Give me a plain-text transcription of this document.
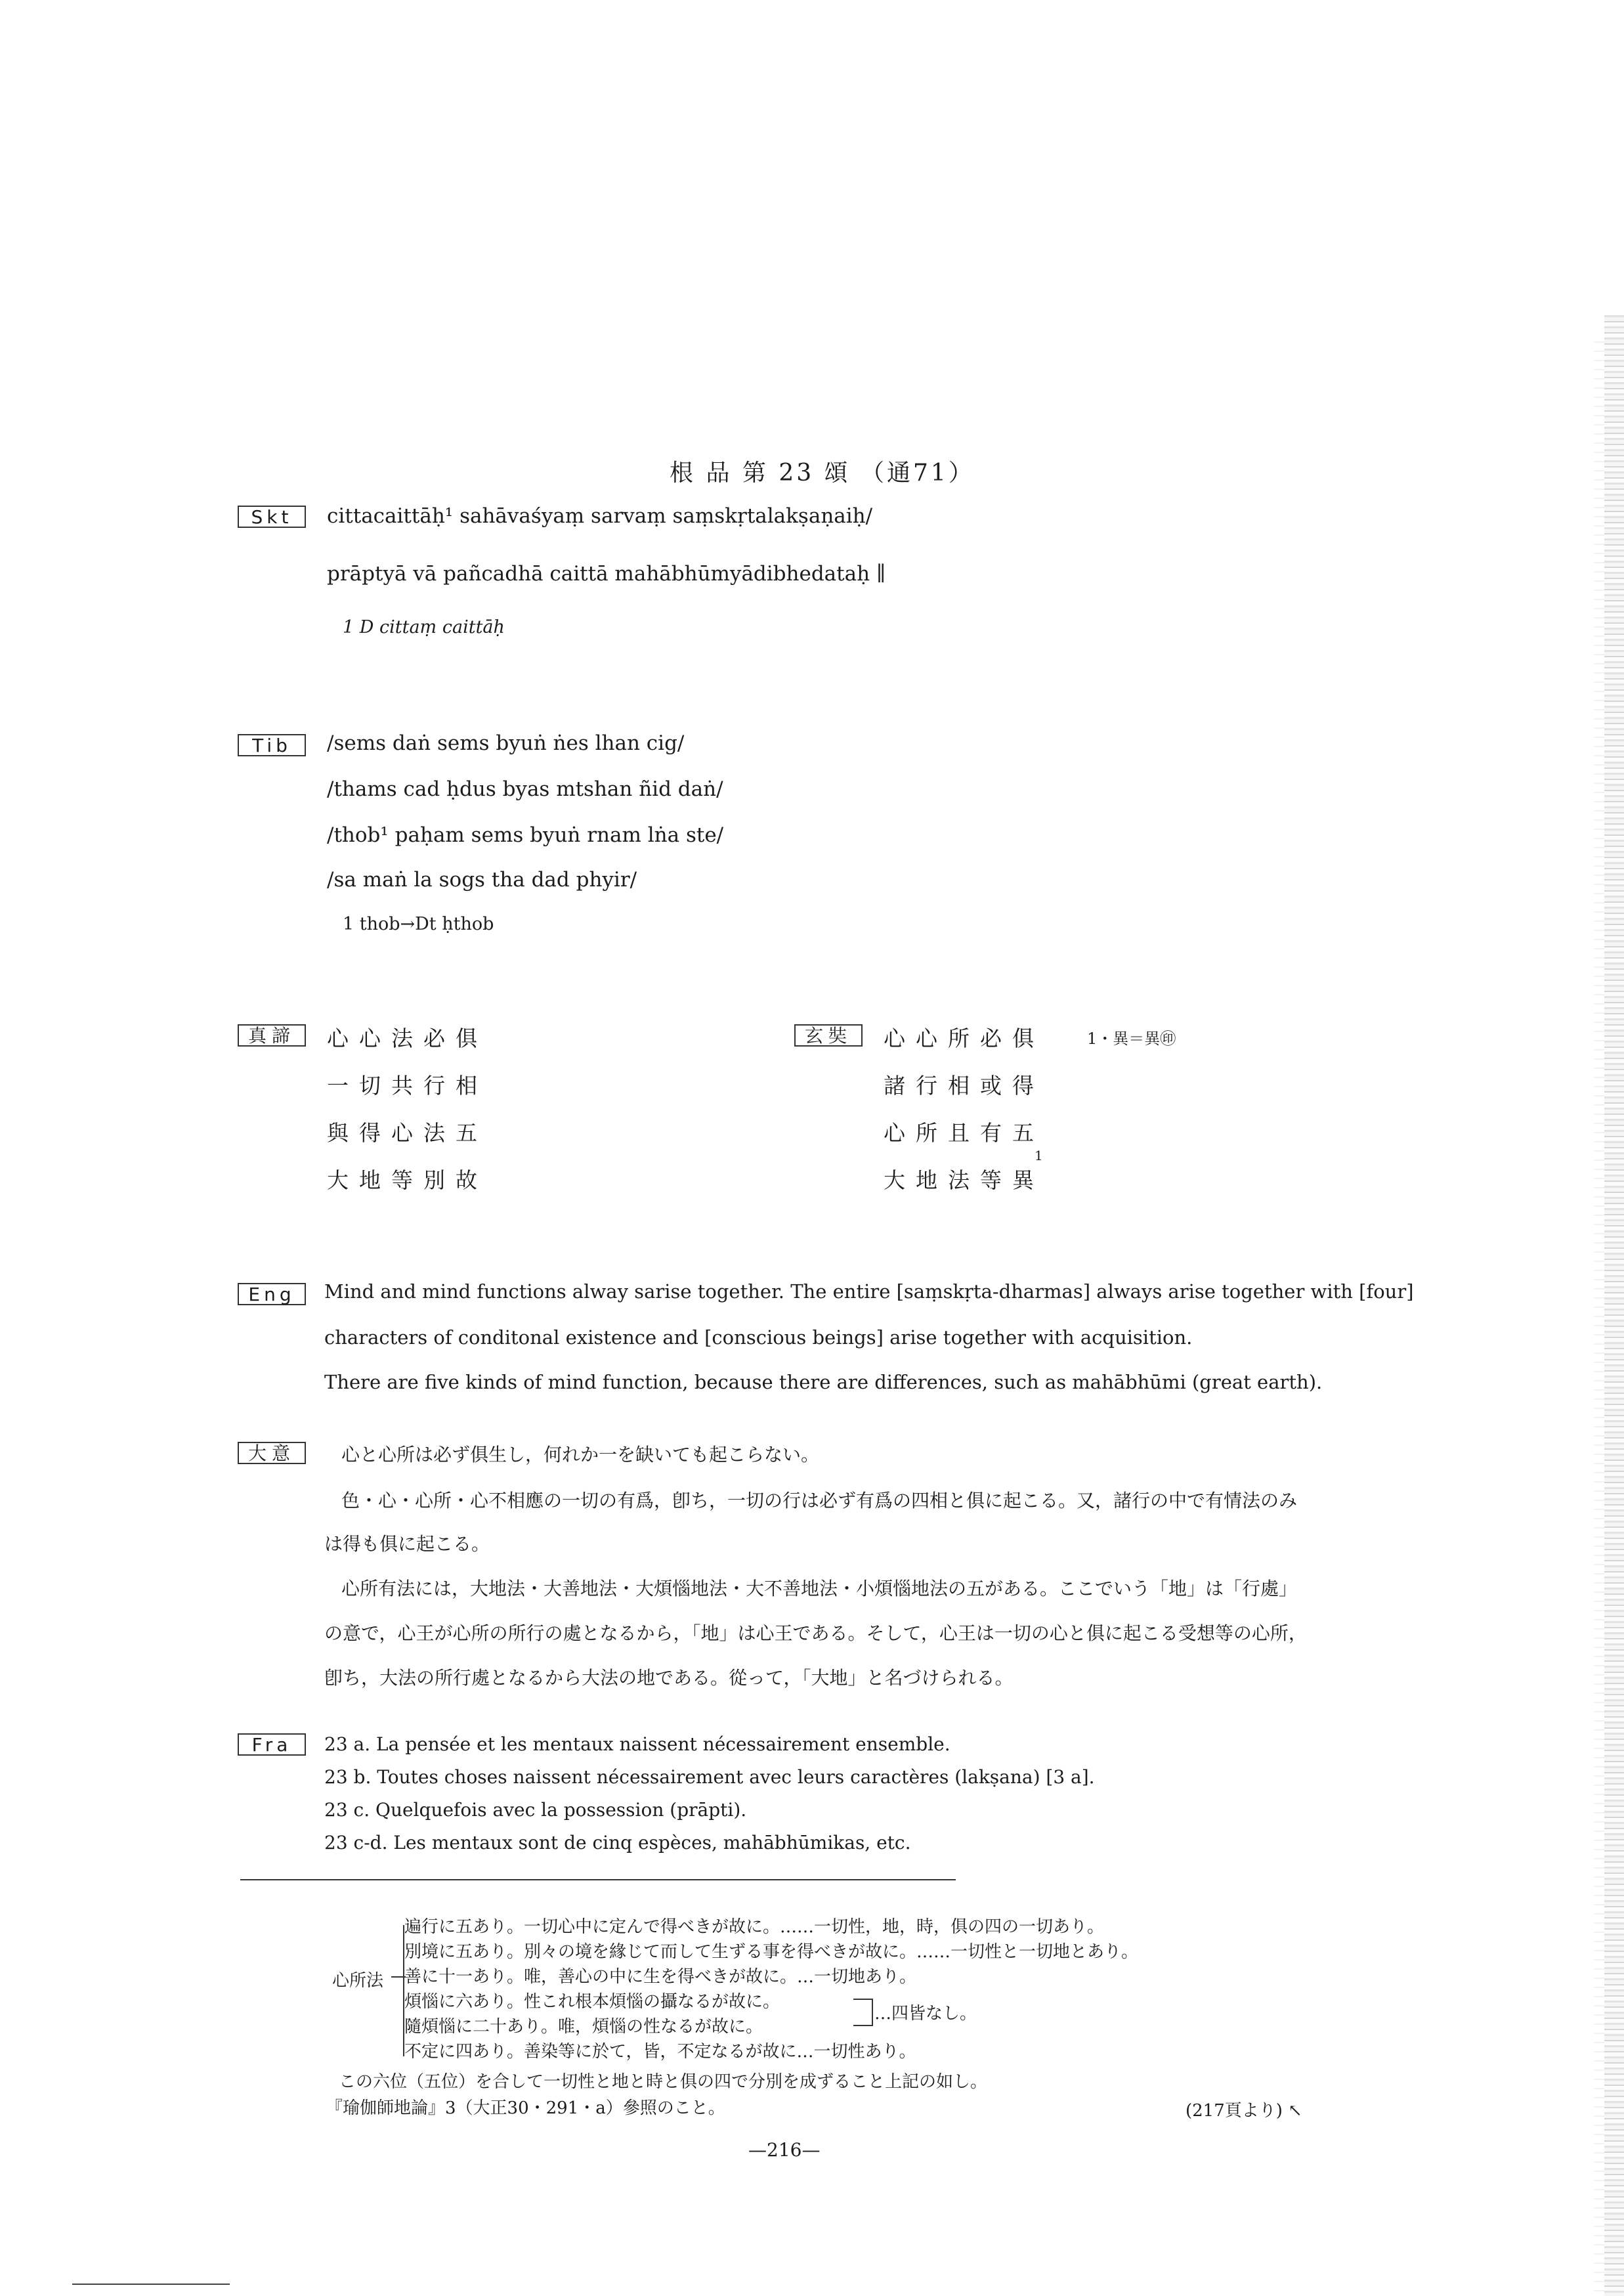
根 品 第 23 頌 （通71）
Skt	cittacaittāḥ¹ sahāvaśyaṃ sarvaṃ saṃskṛtalakṣaṇaiḥ/
prāptyā vā pañcadhā caittā mahābhūmyādibhedataḥ ∥
1 D cittaṃ caittāḥ
Tib	/sems daṅ sems byuṅ ṅes lhan cig/
/thams cad ḥdus byas mtshan ñid daṅ/
/thob¹ paḥam sems byuṅ rnam lṅa ste/
/sa maṅ la sogs tha dad phyir/
1 thob→Dt ḥthob
真諦	心心法必俱
一切共行相
與得心法五
大地等別故
玄奘	心心所必俱
諸行相或得
心所且有五
大地法等異
1
1・異＝異㊞
Eng	Mind and mind functions alway sarise together. The entire [saṃskṛta-dharmas] always arise together with [four]
characters of conditonal existence and [conscious beings] arise together with acquisition.
There are five kinds of mind function, because there are differences, such as mahābhūmi (great earth).
大意	心と心所は必ず俱生し，何れか一を缺いても起こらない。
色・心・心所・心不相應の一切の有爲，卽ち，一切の行は必ず有爲の四相と俱に起こる。又，諸行の中で有情法のみ
は得も俱に起こる。
心所有法には，大地法・大善地法・大煩惱地法・大不善地法・小煩惱地法の五がある。ここでいう「地」は「行處」
の意で，心王が心所の所行の處となるから，「地」は心王である。そして，心王は一切の心と俱に起こる受想等の心所，
卽ち，大法の所行處となるから大法の地である。從って，「大地」と名づけられる。
Fra	23 a. La pensée et les mentaux naissent nécessairement ensemble.
23 b. Toutes choses naissent nécessairement avec leurs caractères (lakṣana) [3 a].
23 c. Quelquefois avec la possession (prāpti).
23 c-d. Les mentaux sont de cinq espèces, mahābhūmikas, etc.
心所法
遍行に五あり。一切心中に定んで得べきが故に。……一切性，地，時，俱の四の一切あり。
別境に五あり。別々の境を緣じて而して生ずる事を得べきが故に。……一切性と一切地とあり。
善に十一あり。唯，善心の中に生を得べきが故に。…一切地あり。
煩惱に六あり。性これ根本煩惱の攝なるが故に。
隨煩惱に二十あり。唯，煩惱の性なるが故に。
不定に四あり。善染等に於て，皆，不定なるが故に…一切性あり。
…四皆なし。
この六位（五位）を合して一切性と地と時と俱の四で分別を成ずること上記の如し。
『瑜伽師地論』3（大正30・291・a）參照のこと。	(217頁より) ↖
—216—
